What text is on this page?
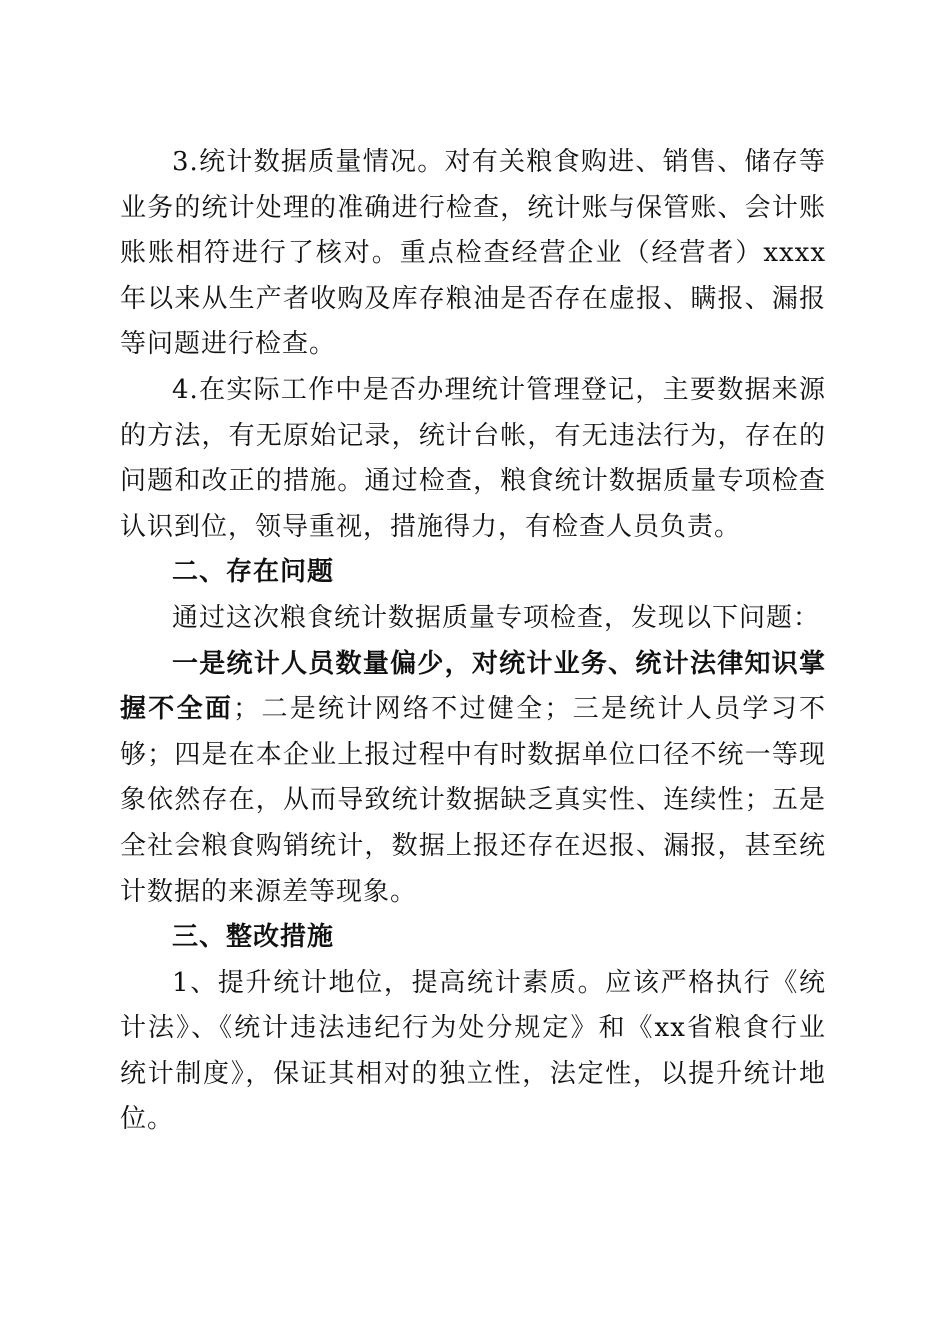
3.统计数据质量情况。对有关粮食购进、销售、储存等业务的统计处理的准确进行检查，统计账与保管账、会计账账账相符进行了核对。重点检查经营企业（经营者）xxxx年以来从生产者收购及库存粮油是否存在虚报、瞒报、漏报等问题进行检查。

4.在实际工作中是否办理统计管理登记，主要数据来源的方法，有无原始记录，统计台帐，有无违法行为，存在的问题和改正的措施。通过检查，粮食统计数据质量专项检查认识到位，领导重视，措施得力，有检查人员负责。

二、存在问题

通过这次粮食统计数据质量专项检查，发现以下问题：

一是统计人员数量偏少，对统计业务、统计法律知识掌握不全面；二是统计网络不过健全；三是统计人员学习不够；四是在本企业上报过程中有时数据单位口径不统一等现象依然存在，从而导致统计数据缺乏真实性、连续性；五是全社会粮食购销统计，数据上报还存在迟报、漏报，甚至统计数据的来源差等现象。

三、整改措施

1、提升统计地位，提高统计素质。应该严格执行《统计法》、《统计违法违纪行为处分规定》和《xx省粮食行业统计制度》，保证其相对的独立性，法定性，以提升统计地位。
